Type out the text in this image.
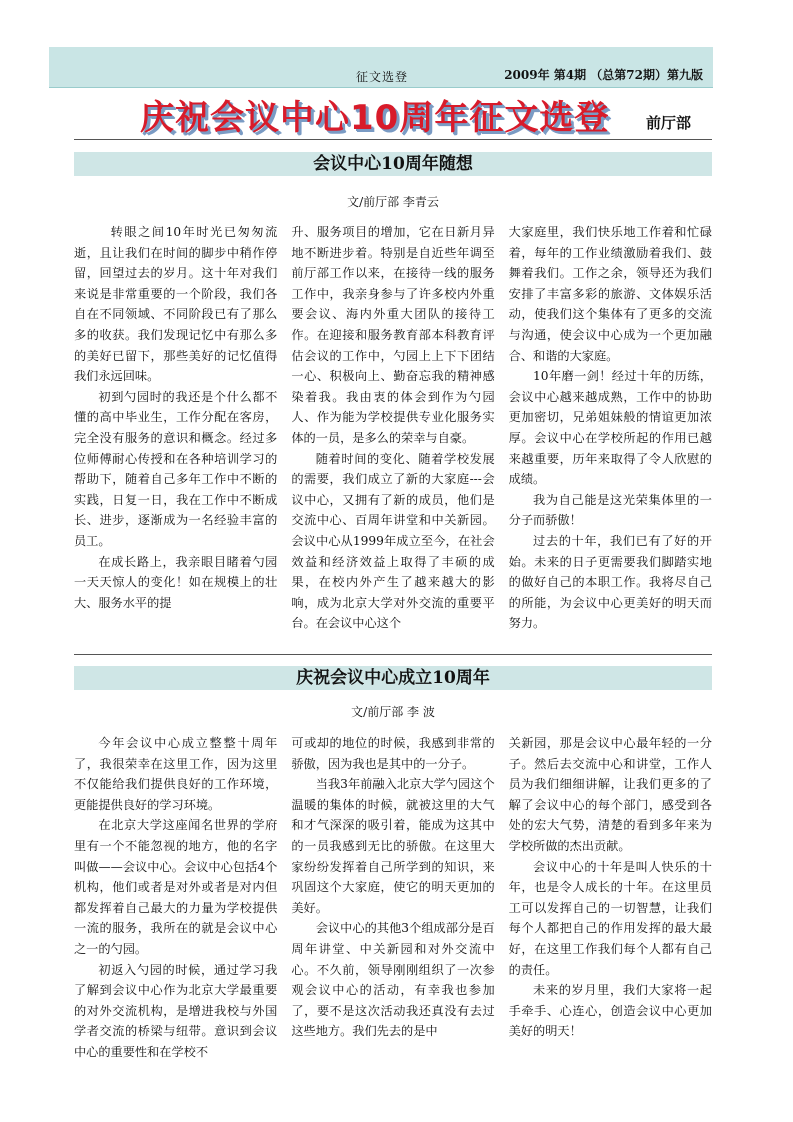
征文选登	2009年 第4期 （总第72期）第九版
庆祝会议中心10周年征文选登 前厅部
会议中心10周年随想
文/前厅部 李青云

转眼之间10年时光已匆匆流逝，且让我们在时间的脚步中稍作停留，回望过去的岁月。这十年对我们来说是非常重要的一个阶段，我们各自在不同领域、不同阶段已有了那么多的收获。我们发现记忆中有那么多的美好已留下，那些美好的记忆值得我们永远回味。

初到勺园时的我还是个什么都不懂的高中毕业生，工作分配在客房，完全没有服务的意识和概念。经过多位师傅耐心传授和在各种培训学习的帮助下，随着自己多年工作中不断的实践，日复一日，我在工作中不断成长、进步，逐渐成为一名经验丰富的员工。

在成长路上，我亲眼目睹着勺园一天天惊人的变化！如在规模上的壮大、服务水平的提

升、服务项目的增加，它在日新月异地不断进步着。特别是自近些年调至前厅部工作以来，在接待一线的服务工作中，我亲身参与了许多校内外重要会议、海内外重大团队的接待工作。在迎接和服务教育部本科教育评估会议的工作中，勺园上上下下团结一心、积极向上、勤奋忘我的精神感染着我。我由衷的体会到作为勺园人、作为能为学校提供专业化服务实体的一员，是多么的荣幸与自豪。

随着时间的变化、随着学校发展的需要，我们成立了新的大家庭---会议中心，又拥有了新的成员，他们是交流中心、百周年讲堂和中关新园。会议中心从1999年成立至今，在社会效益和经济效益上取得了丰硕的成果，在校内外产生了越来越大的影响，成为北京大学对外交流的重要平台。在会议中心这个

大家庭里，我们快乐地工作着和忙碌着，每年的工作业绩激励着我们、鼓舞着我们。工作之余，领导还为我们安排了丰富多彩的旅游、文体娱乐活动，使我们这个集体有了更多的交流与沟通，使会议中心成为一个更加融合、和谐的大家庭。

10年磨一剑！经过十年的历练，会议中心越来越成熟，工作中的协助更加密切，兄弟姐妹般的情谊更加浓厚。会议中心在学校所起的作用已越来越重要，历年来取得了令人欣慰的成绩。

我为自己能是这光荣集体里的一分子而骄傲！

过去的十年，我们已有了好的开始。未来的日子更需要我们脚踏实地的做好自己的本职工作。我将尽自己的所能，为会议中心更美好的明天而努力。

庆祝会议中心成立10周年
文/前厅部 李 波

今年会议中心成立整整十周年了，我很荣幸在这里工作，因为这里不仅能给我们提供良好的工作环境，更能提供良好的学习环境。

在北京大学这座闻名世界的学府里有一个不能忽视的地方，他的名字叫做——会议中心。会议中心包括4个机构，他们或者是对外或者是对内但都发挥着自己最大的力量为学校提供一流的服务，我所在的就是会议中心之一的勺园。

初返入勺园的时候，通过学习我了解到会议中心作为北京大学最重要的对外交流机构，是增进我校与外国学者交流的桥梁与纽带。意识到会议中心的重要性和在学校不

可或却的地位的时候，我感到非常的骄傲，因为我也是其中的一分子。

当我3年前融入北京大学勺园这个温暖的集体的时候，就被这里的大气和才气深深的吸引着，能成为这其中的一员我感到无比的骄傲。在这里大家纷纷发挥着自己所学到的知识，来巩固这个大家庭，使它的明天更加的美好。

会议中心的其他3个组成部分是百周年讲堂、中关新园和对外交流中心。不久前，领导刚刚组织了一次参观会议中心的活动，有幸我也参加了，要不是这次活动我还真没有去过这些地方。我们先去的是中

关新园，那是会议中心最年轻的一分子。然后去交流中心和讲堂，工作人员为我们细细讲解，让我们更多的了解了会议中心的每个部门，感受到各处的宏大气势，清楚的看到多年来为学校所做的杰出贡献。

会议中心的十年是叫人快乐的十年，也是令人成长的十年。在这里员工可以发挥自己的一切智慧，让我们每个人都把自己的作用发挥的最大最好，在这里工作我们每个人都有自己的责任。

未来的岁月里，我们大家将一起手牵手、心连心，创造会议中心更加美好的明天！
